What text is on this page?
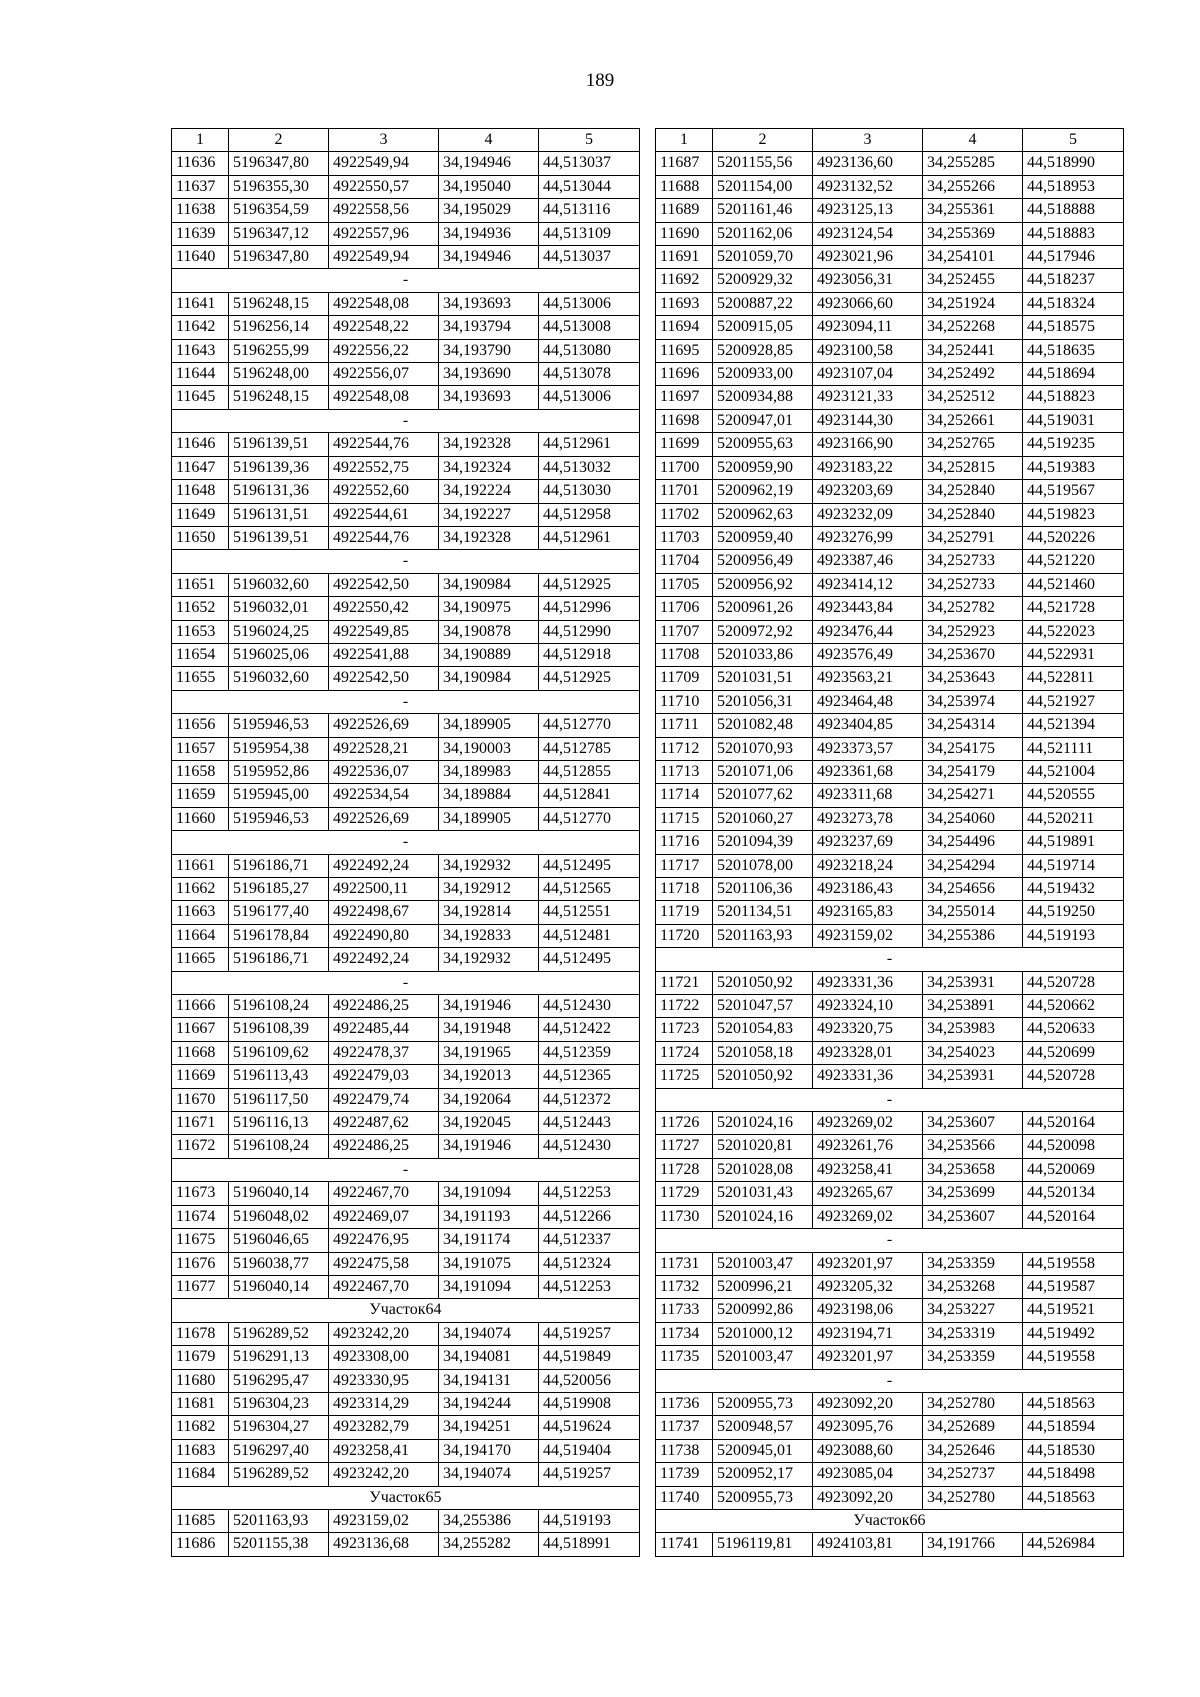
189
1	2	3	4	5
11636	5196347,80	4922549,94	34,194946	44,513037
11637	5196355,30	4922550,57	34,195040	44,513044
11638	5196354,59	4922558,56	34,195029	44,513116
11639	5196347,12	4922557,96	34,194936	44,513109
11640	5196347,80	4922549,94	34,194946	44,513037
-				
11641	5196248,15	4922548,08	34,193693	44,513006
11642	5196256,14	4922548,22	34,193794	44,513008
11643	5196255,99	4922556,22	34,193790	44,513080
11644	5196248,00	4922556,07	34,193690	44,513078
11645	5196248,15	4922548,08	34,193693	44,513006
-				
11646	5196139,51	4922544,76	34,192328	44,512961
11647	5196139,36	4922552,75	34,192324	44,513032
11648	5196131,36	4922552,60	34,192224	44,513030
11649	5196131,51	4922544,61	34,192227	44,512958
11650	5196139,51	4922544,76	34,192328	44,512961
-				
11651	5196032,60	4922542,50	34,190984	44,512925
11652	5196032,01	4922550,42	34,190975	44,512996
11653	5196024,25	4922549,85	34,190878	44,512990
11654	5196025,06	4922541,88	34,190889	44,512918
11655	5196032,60	4922542,50	34,190984	44,512925
-				
11656	5195946,53	4922526,69	34,189905	44,512770
11657	5195954,38	4922528,21	34,190003	44,512785
11658	5195952,86	4922536,07	34,189983	44,512855
11659	5195945,00	4922534,54	34,189884	44,512841
11660	5195946,53	4922526,69	34,189905	44,512770
-				
11661	5196186,71	4922492,24	34,192932	44,512495
11662	5196185,27	4922500,11	34,192912	44,512565
11663	5196177,40	4922498,67	34,192814	44,512551
11664	5196178,84	4922490,80	34,192833	44,512481
11665	5196186,71	4922492,24	34,192932	44,512495
-				
11666	5196108,24	4922486,25	34,191946	44,512430
11667	5196108,39	4922485,44	34,191948	44,512422
11668	5196109,62	4922478,37	34,191965	44,512359
11669	5196113,43	4922479,03	34,192013	44,512365
11670	5196117,50	4922479,74	34,192064	44,512372
11671	5196116,13	4922487,62	34,192045	44,512443
11672	5196108,24	4922486,25	34,191946	44,512430
-				
11673	5196040,14	4922467,70	34,191094	44,512253
11674	5196048,02	4922469,07	34,191193	44,512266
11675	5196046,65	4922476,95	34,191174	44,512337
11676	5196038,77	4922475,58	34,191075	44,512324
11677	5196040,14	4922467,70	34,191094	44,512253
Участок64				
11678	5196289,52	4923242,20	34,194074	44,519257
11679	5196291,13	4923308,00	34,194081	44,519849
11680	5196295,47	4923330,95	34,194131	44,520056
11681	5196304,23	4923314,29	34,194244	44,519908
11682	5196304,27	4923282,79	34,194251	44,519624
11683	5196297,40	4923258,41	34,194170	44,519404
11684	5196289,52	4923242,20	34,194074	44,519257
Участок65				
11685	5201163,93	4923159,02	34,255386	44,519193
11686	5201155,38	4923136,68	34,255282	44,518991
1	2	3	4	5
11687	5201155,56	4923136,60	34,255285	44,518990
11688	5201154,00	4923132,52	34,255266	44,518953
11689	5201161,46	4923125,13	34,255361	44,518888
11690	5201162,06	4923124,54	34,255369	44,518883
11691	5201059,70	4923021,96	34,254101	44,517946
11692	5200929,32	4923056,31	34,252455	44,518237
11693	5200887,22	4923066,60	34,251924	44,518324
11694	5200915,05	4923094,11	34,252268	44,518575
11695	5200928,85	4923100,58	34,252441	44,518635
11696	5200933,00	4923107,04	34,252492	44,518694
11697	5200934,88	4923121,33	34,252512	44,518823
11698	5200947,01	4923144,30	34,252661	44,519031
11699	5200955,63	4923166,90	34,252765	44,519235
11700	5200959,90	4923183,22	34,252815	44,519383
11701	5200962,19	4923203,69	34,252840	44,519567
11702	5200962,63	4923232,09	34,252840	44,519823
11703	5200959,40	4923276,99	34,252791	44,520226
11704	5200956,49	4923387,46	34,252733	44,521220
11705	5200956,92	4923414,12	34,252733	44,521460
11706	5200961,26	4923443,84	34,252782	44,521728
11707	5200972,92	4923476,44	34,252923	44,522023
11708	5201033,86	4923576,49	34,253670	44,522931
11709	5201031,51	4923563,21	34,253643	44,522811
11710	5201056,31	4923464,48	34,253974	44,521927
11711	5201082,48	4923404,85	34,254314	44,521394
11712	5201070,93	4923373,57	34,254175	44,521111
11713	5201071,06	4923361,68	34,254179	44,521004
11714	5201077,62	4923311,68	34,254271	44,520555
11715	5201060,27	4923273,78	34,254060	44,520211
11716	5201094,39	4923237,69	34,254496	44,519891
11717	5201078,00	4923218,24	34,254294	44,519714
11718	5201106,36	4923186,43	34,254656	44,519432
11719	5201134,51	4923165,83	34,255014	44,519250
11720	5201163,93	4923159,02	34,255386	44,519193
-				
11721	5201050,92	4923331,36	34,253931	44,520728
11722	5201047,57	4923324,10	34,253891	44,520662
11723	5201054,83	4923320,75	34,253983	44,520633
11724	5201058,18	4923328,01	34,254023	44,520699
11725	5201050,92	4923331,36	34,253931	44,520728
-				
11726	5201024,16	4923269,02	34,253607	44,520164
11727	5201020,81	4923261,76	34,253566	44,520098
11728	5201028,08	4923258,41	34,253658	44,520069
11729	5201031,43	4923265,67	34,253699	44,520134
11730	5201024,16	4923269,02	34,253607	44,520164
-				
11731	5201003,47	4923201,97	34,253359	44,519558
11732	5200996,21	4923205,32	34,253268	44,519587
11733	5200992,86	4923198,06	34,253227	44,519521
11734	5201000,12	4923194,71	34,253319	44,519492
11735	5201003,47	4923201,97	34,253359	44,519558
-				
11736	5200955,73	4923092,20	34,252780	44,518563
11737	5200948,57	4923095,76	34,252689	44,518594
11738	5200945,01	4923088,60	34,252646	44,518530
11739	5200952,17	4923085,04	34,252737	44,518498
11740	5200955,73	4923092,20	34,252780	44,518563
Участок66				
11741	5196119,81	4924103,81	34,191766	44,526984
